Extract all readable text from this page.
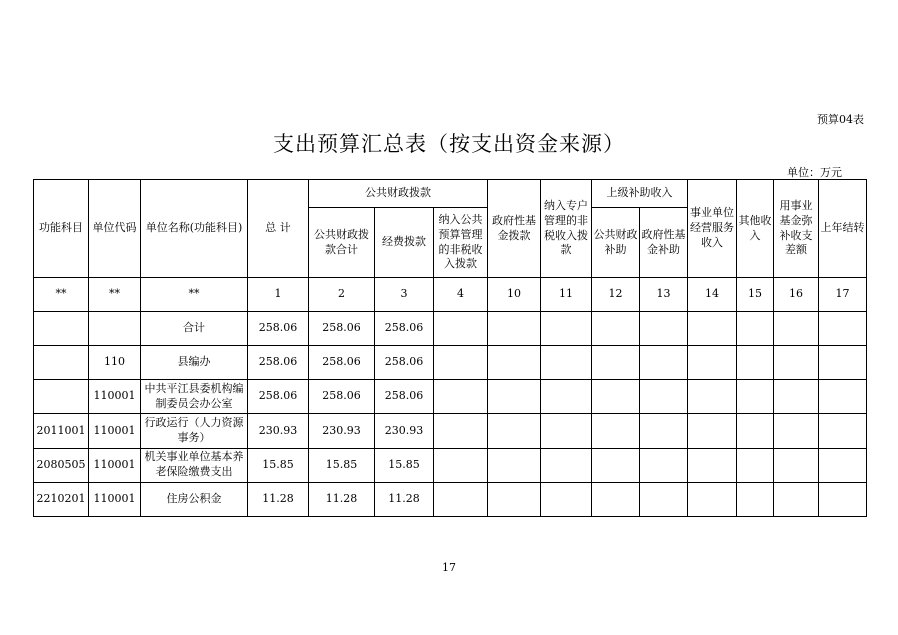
预算04表
支出预算汇总表（按支出资金来源）
单位：万元
功能科目	单位代码	单位名称(功能科目)	总 计	公共财政拨款			政府性基金拨款	纳入专户管理的非税收入拨款	上级补助收入		事业单位经营服务收入	其他收入	用事业基金弥补收支差额	上年结转
				公共财政拨款合计	经费拨款	纳入公共预算管理的非税收入拨款			公共财政补助	政府性基金补助				
**	**	**	1	2	3	4	10	11	12	13	14	15	16	17
		合计	258.06	258.06	258.06									
	110	县编办	258.06	258.06	258.06									
	110001	中共平江县委机构编制委员会办公室	258.06	258.06	258.06									
2011001	110001	行政运行（人力资源事务）	230.93	230.93	230.93									
2080505	110001	机关事业单位基本养老保险缴费支出	15.85	15.85	15.85									
2210201	110001	住房公积金	11.28	11.28	11.28									
17
